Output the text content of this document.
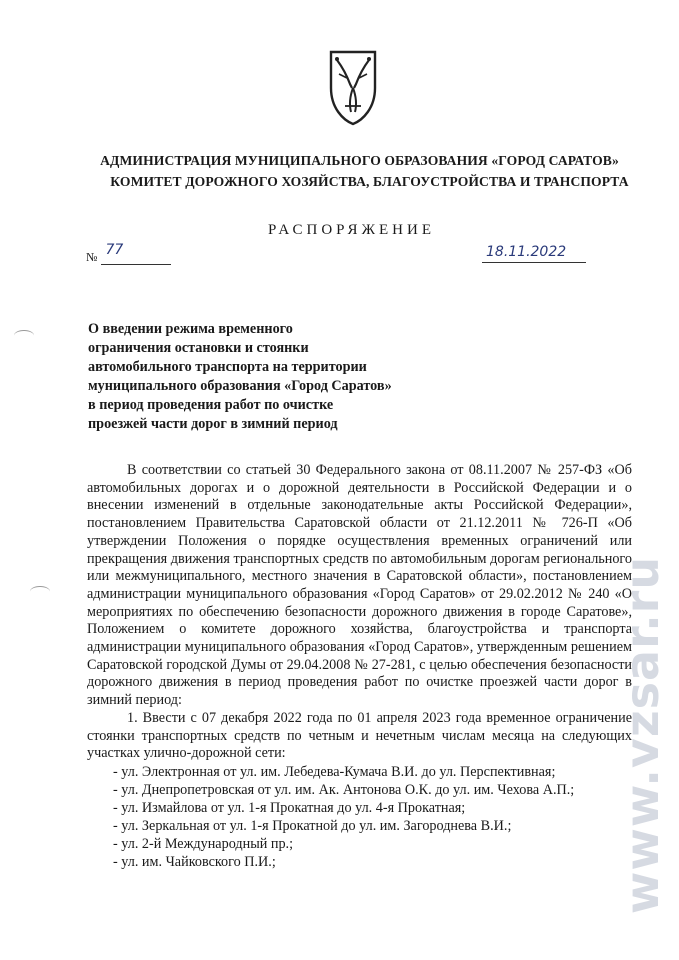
АДМИНИСТРАЦИЯ МУНИЦИПАЛЬНОГО ОБРАЗОВАНИЯ «ГОРОД САРАТОВ»
КОМИТЕТ ДОРОЖНОГО ХОЗЯЙСТВА, БЛАГОУСТРОЙСТВА И ТРАНСПОРТА
РАСПОРЯЖЕНИЕ
№ 77	18.11.2022
О введении режима временного
ограничения остановки и стоянки
автомобильного транспорта на территории
муниципального образования «Город Саратов»
в период проведения работ по очистке
проезжей части дорог в зимний период
В соответствии со статьей 30 Федерального закона от 08.11.2007 № 257-ФЗ «Об автомобильных дорогах и о дорожной деятельности в Российской Федерации и о внесении изменений в отдельные законодательные акты Российской Федерации», постановлением Правительства Саратовской области от 21.12.2011 № 726-П «Об утверждении Положения о порядке осуществления временных ограничений или прекращения движения транспортных средств по автомобильным дорогам регионального или межмуниципального, местного значения в Саратовской области», постановлением администрации муниципального образования «Город Саратов» от 29.02.2012 № 240 «О мероприятиях по обеспечению безопасности дорожного движения в городе Саратове», Положением о комитете дорожного хозяйства, благоустройства и транспорта администрации муниципального образования «Город Саратов», утвержденным решением Саратовской городской Думы от 29.04.2008 № 27-281, с целью обеспечения безопасности дорожного движения в период проведения работ по очистке проезжей части дорог в зимний период:
1. Ввести с 07 декабря 2022 года по 01 апреля 2023 года временное ограничение стоянки транспортных средств по четным и нечетным числам месяца на следующих участках улично-дорожной сети:
- ул. Электронная от ул. им. Лебедева-Кумача В.И. до ул. Перспективная;
- ул. Днепропетровская от ул. им. Ак. Антонова О.К. до ул. им. Чехова А.П.;
- ул. Измайлова от ул. 1-я Прокатная до ул. 4-я Прокатная;
- ул. Зеркальная от ул. 1-я Прокатной до ул. им. Загороднева В.И.;
- ул. 2-й Международный пр.;
- ул. им. Чайковского П.И.;	www.vzsar.ru
